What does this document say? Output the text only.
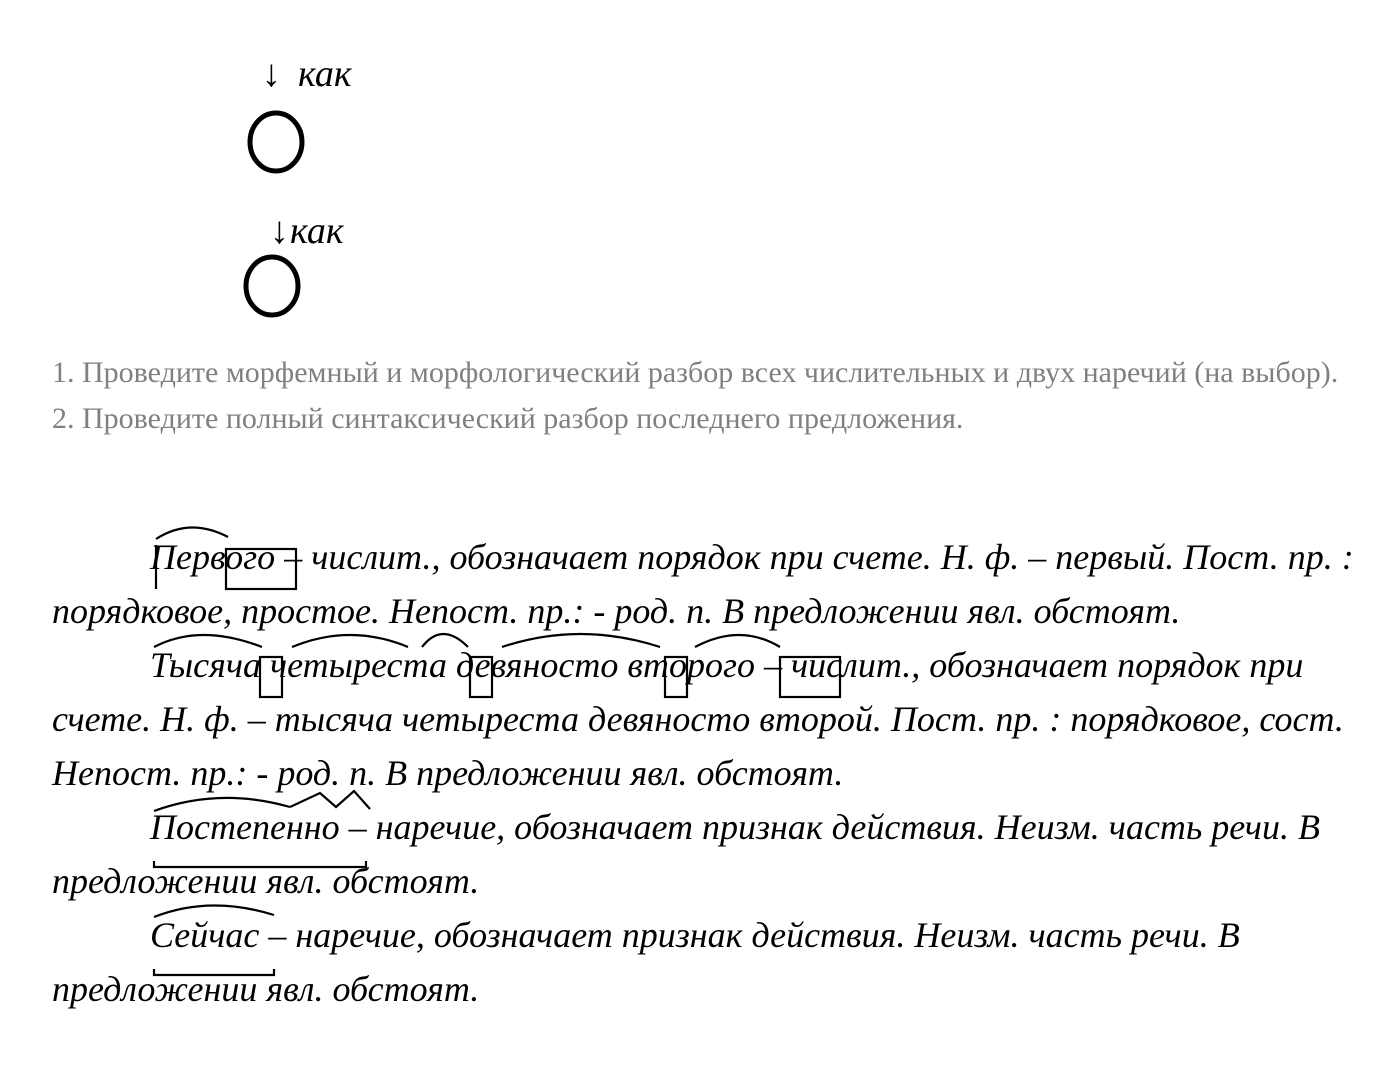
↓ как
↓ как

1. Проведите морфемный и морфологический разбор всех числительных и двух наречий (на выбор).

2. Проведите полный синтаксический разбор последнего предложения.

Первого
– числит., обозначает порядок при счете. Н. ф. – первый. Пост. пр. : порядковое, простое. Непост. пр.: - род. п. В предложении явл. обстоят.

Тысяча четыреста девяносто второго
– числит., обозначает порядок при счете. Н. ф. – тысяча четыреста девяносто второй. Пост. пр. : порядковое, сост. Непост. пр.: - род. п. В предложении явл. обстоят.

Постепенно
– наречие, обозначает признак действия. Неизм. часть речи. В предложении явл. обстоят.

Сейчас
– наречие, обозначает признак действия. Неизм. часть речи. В предложении явл. обстоят.
